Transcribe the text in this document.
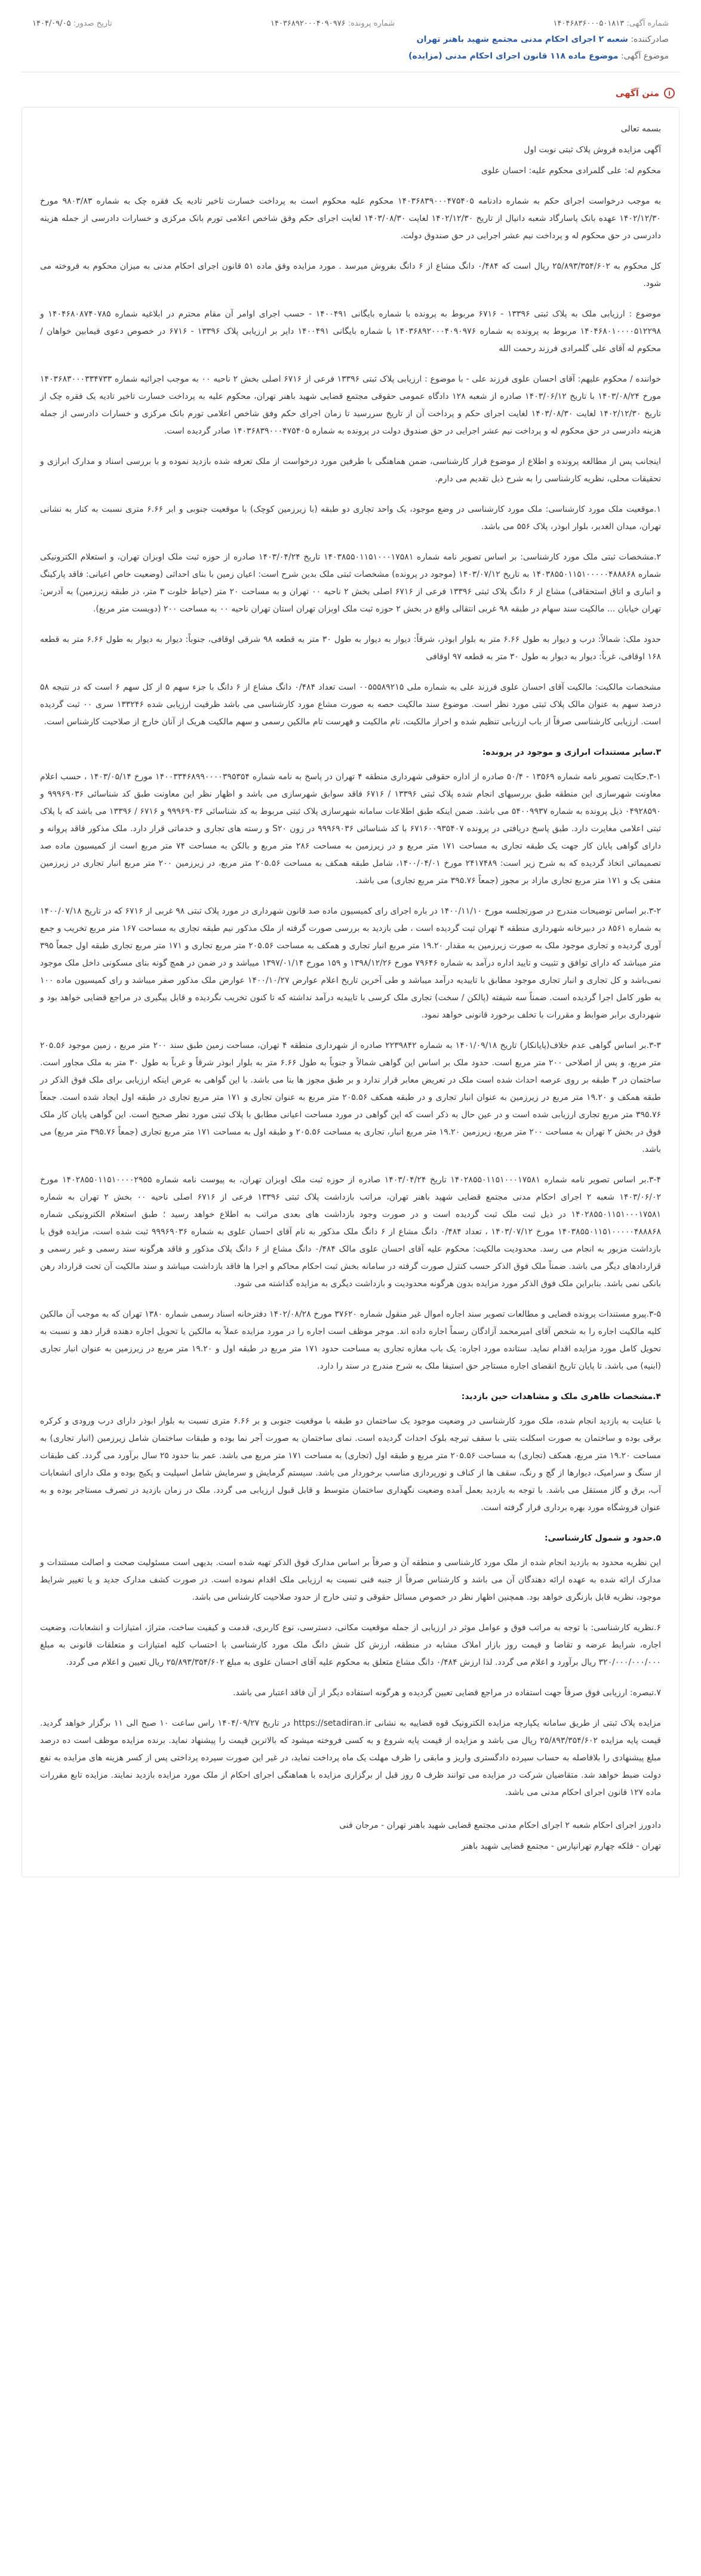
شماره آگهی: ۱۴۰۴۶۸۳۶۰۰۰۵۰۱۸۱۳
شماره پرونده: ۱۴۰۳۶۸۹۲۰۰۰۴۰۹۰۹۷۶
تاریخ صدور: ۱۴۰۴/۰۹/۰۵
صادرکننده: شعبه ۲ اجرای احکام مدنی مجتمع شهید باهنر تهران
موضوع آگهی: موضوع ماده ۱۱۸ قانون اجرای احکام مدنی (مزایده)
i
متن آگهی

بسمه تعالی

آگهی مزایده فروش پلاک ثبتی نوبت اول

محکوم له: علی گلمرادی محکوم علیه: احسان علوی

به موجب درخواست اجرای حکم به شماره دادنامه ۱۴۰۳۶۸۳۹۰۰۰۴۷۵۴۰۵ محکوم علیه محکوم است به پرداخت خسارت تاخیر تادیه یک فقره چک به شماره ۹۸۰۳/۸۳ مورخ ۱۴۰۲/۱۲/۳۰ عهده بانک پاسارگاد شعبه دانیال از تاریخ ۱۴۰۲/۱۲/۳۰ لغایت ۱۴۰۳/۰۸/۳۰ لغایت اجرای حکم وفق شاخص اعلامی تورم بانک مرکزی و خسارات دادرسی از جمله هزینه دادرسی در حق محکوم له و پرداخت نیم عشر اجرایی در حق صندوق دولت.

کل محکوم به ۲۵/۸۹۳/۳۵۴/۶۰۲ ریال است که ۰/۴۸۴ دانگ مشاع از ۶ دانگ بفروش میرسد . مورد مزایده وفق ماده ۵۱ قانون اجرای احکام مدنی به میزان محکوم به فروخته می شود.

موضوع : ارزیابی ملک به پلاک ثبتی ۱۳۳۹۶ - ۶۷۱۶ مربوط به پرونده با شماره بایگانی ۱۴۰۰۴۹۱ - حسب اجرای اوامر آن مقام محترم در ابلاغیه شماره ۱۴۰۴۶۸۰۸۷۴۰۷۸۵ و ۱۴۰۴۶۸۰۱۰۰۰۰۵۱۲۲۹۸ مربوط به پرونده به شماره ۱۴۰۳۶۸۹۲۰۰۰۴۰۹۰۹۷۶ با شماره بایگانی ۱۴۰۰۴۹۱ دایر بر ارزیابی پلاک ۱۳۳۹۶ - ۶۷۱۶ در خصوص دعوی فیمابین خواهان / محکوم له آقای علی گلمرادی فرزند رحمت الله

خواننده / محکوم علیهم: آقای احسان علوی فرزند علی - با موضوع : ارزیابی پلاک ثبتی ۱۳۳۹۶ فرعی از ۶۷۱۶ اصلی بخش ۲ ناحیه ۰۰ به موجب اجرائیه شماره ۱۴۰۳۶۸۳۰۰۰۳۳۴۷۳۳ مورخ ۱۴۰۳/۰۸/۲۴ با تاریخ ۱۴۰۳/۰۶/۱۲ صادره از شعبه ۱۲۸ دادگاه عمومی حقوقی مجتمع قضایی شهید باهنر تهران، محکوم علیه به پرداخت خسارت تاخیر تادیه یک فقره چک از تاریخ ۱۴۰۲/۱۲/۳۰ لغایت ۱۴۰۳/۰۸/۳۰ لغایت اجرای حکم و پرداخت آن از تاریخ سررسید تا زمان اجرای حکم وفق شاخص اعلامی تورم بانک مرکزی و خسارات دادرسی از جمله هزینه دادرسی در حق محکوم له و پرداخت نیم عشر اجرایی در حق صندوق دولت در پرونده به شماره ۱۴۰۳۶۸۳۹۰۰۰۴۷۵۴۰۵ صادر گردیده است.

اینجانب پس از مطالعه پرونده و اطلاع از موضوع قرار کارشناسی، ضمن هماهنگی با طرفین مورد درخواست از ملک تعرفه شده بازدید نموده و با بررسی اسناد و مدارک ابرازی و تحقیقات محلی، نظریه کارشناسی را به شرح ذیل تقدیم می دارم.

۱.موقعیت ملک مورد کارشناسی: ملک مورد کارشناسی در وضع موجود، یک واحد تجاری دو طبقه (با زیرزمین کوچک) با موقعیت جنوبی و ابر ۶.۶۶ متری نسبت به کنار به نشانی تهران، میدان الغدیر، بلوار ابوذر، پلاک ۵۵۶ می باشد.

۲.مشخصات ثبتی ملک مورد کارشناسی: بر اساس تصویر نامه شماره ۱۴۰۳۸۵۵۰۱۱۵۱۰۰۰۱۷۵۸۱ تاریخ ۱۴۰۳/۰۴/۲۴ صادره از حوزه ثبت ملک اوبزان تهران، و استعلام الکترونیکی شماره ۱۴۰۳۸۵۵۰۱۱۵۱۰۰۰۰۰۴۸۸۸۶۸ به تاریخ ۱۴۰۳/۰۷/۱۲ (موجود در پرونده) مشخصات ثبتی ملک بدین شرح است: اعیان زمین با بنای احداثی (وضعیت خاص اعیانی: فاقد پارکینگ و انباری و اتاق استحقاقی) مشاع از ۶ دانگ پلاک ثبتی ۱۳۳۹۶ فرعی از ۶۷۱۶ اصلی بخش ۲ ناحیه ۰۰ تهران و به مساحت ۲۰ متر (حیاط خلوت ۳ متر، در طبقه زیرزمین) به آدرس: تهران خیابان ... مالکیت سند سهام در طبقه ۹۸ غربی انتقالی واقع در بخش ۲ حوزه ثبت ملک اوبزان تهران استان تهران ناحیه ۰۰ به مساحت ۲۰۰ (دویست متر مربع).

حدود ملک: شمالاً: درب و دیوار به طول ۶.۶۶ متر به بلوار ابوذر، شرقاً: دیوار به دیوار به طول ۳۰ متر به قطعه ۹۸ شرقی اوقافی، جنوباً: دیوار به دیوار به طول ۶.۶۶ متر به قطعه ۱۶۸ اوقافی، غرباً: دیوار به دیوار به طول ۳۰ متر به قطعه ۹۷ اوقافی

مشخصات مالکیت: مالکیت آقای احسان علوی فرزند علی به شماره ملی ۰۰۵۵۵۸۹۲۱۵ است تعداد ۰/۴۸۴ دانگ مشاع از ۶ دانگ با جزء سهم ۵ از کل سهم ۶ است که در نتیجه ۵۸ درصد سهم به عنوان مالک پلاک ثبتی مورد نظر است. موضوع سند مالکیت حصه به صورت مشاع مورد کارشناسی می باشد ظرفیت ارزیابی شده ۱۳۳۲۴۶ سری ۰۰ ثبت گردیده است. ارزیابی کارشناسی صرفاً از باب ارزیابی تنظیم شده و احراز مالکیت، تام مالکیت و فهرست تام مالکین رسمی و سهم مالکیت هریک از آنان خارج از صلاحیت کارشناس است.

۳.سایر مستندات ابرازی و موجود در پرونده:

۳-۱.حکایت تصویر نامه شماره ۱۳۵۶۹ - ۵۰/۴ صادره از اداره حقوقی شهرداری منطقه ۴ تهران در پاسخ به نامه شماره ۱۴۰۰۳۳۴۶۸۹۹۰۰۰۰۳۹۵۳۵۴ مورخ ۱۴۰۳/۰۵/۱۴ ، حسب اعلام معاونت شهرسازی این منطقه طبق بررسیهای انجام شده پلاک ثبتی ۱۳۳۹۶ / ۶۷۱۶ فاقد سوابق شهرسازی می باشد و اظهار نظر این معاونت طبق کد شناسائی ۹۹۹۶۹۰۳۶ و ۰۴۹۲۸۵۹۰ ذیل پرونده به شماره ۵۴۰۰۹۹۳۷ می باشد. ضمن اینکه طبق اطلاعات سامانه شهرسازی پلاک ثبتی مربوط به کد شناسائی ۹۹۹۶۹۰۳۶ و ۶۷۱۶ / ۱۳۳۹۶ می باشد که با پلاک ثبتی اعلامی مغایرت دارد. طبق پاسخ دریافتی در پرونده ۶۷۱۶۰۰۹۳۵۴۰۷ با کد شناسائی ۹۹۹۶۹۰۳۶ در زون S۲۰ و رسته های تجاری و خدماتی قرار دارد. ملک مذکور فاقد پروانه و دارای گواهی پایان کار جهت یک طبقه تجاری به مساحت ۱۷۱ متر مربع و در زیرزمین به مساحت ۲۸۶ متر مربع و بالکن به مساحت ۷۴ متر مربع است از کمیسیون ماده صد تصمیماتی اتخاذ گردیده که به شرح زیر است: ۲۴۱۷۴۸۹ مورخ ۱۴۰۰/۰۴/۰۱، شامل طبقه همکف به مساحت ۲۰۵.۵۶ متر مربع، در زیرزمین ۲۰۰ متر مربع انبار تجاری در زیرزمین منفی یک و ۱۷۱ متر مربع تجاری مازاد بر مجوز (جمعاً ۳۹۵.۷۶ متر مربع تجاری) می باشد.

۳-۲.بر اساس توضیحات مندرج در صورتجلسه مورخ ۱۴۰۰/۱۱/۱۰ در باره اجرای رای کمیسیون ماده صد قانون شهرداری در مورد پلاک ثبتی ۹۸ غربی از ۶۷۱۶ که در تاریخ ۱۴۰۰/۰۷/۱۸ به شماره ۸۵۶۱ در دبیرخانه شهرداری منطقه ۴ تهران ثبت گردیده است ، طی بازدید به بررسی صورت گرفته از ملک مذکور نیم طبقه تجاری به مساحت ۱۶۷ متر مربع تخریب و جمع آوری گردیده و تجاری موجود ملک به صورت زیرزمین به مقدار ۱۹.۲۰ متر مربع انبار تجاری و همکف به مساحت ۲۰۵.۵۶ متر مربع تجاری و ۱۷۱ متر مربع تجاری طبقه اول جمعاً ۳۹۵ متر میباشد که دارای توافق و تثبیت و تایید اداره درآمد به شماره ۷۹۶۴۶ مورخ ۱۳۹۸/۱۲/۲۶ و ۱۵۹ مورخ ۱۳۹۷/۰۱/۱۴ میباشد و در ضمن در همچ گونه بنای مسکونی داخل ملک موجود نمی‌باشد و کل تجاری و انبار تجاری موجود مطابق با تاییدیه درآمد میباشد و طی آخرین تاریخ اعلام عوارض ۱۴۰۰/۱۰/۲۷ عوارض ملک مذکور صفر میباشد و رای کمیسیون ماده ۱۰۰ به طور کامل اجرا گردیده است. ضمناً سه شیفته (پالکن / سخت) تجاری ملک کرسی با تاییدیه درآمد نداشته که تا کنون تخریب نگردیده و قابل پیگیری در مراجع قضایی خواهد بود و شهرداری برابر ضوابط و مقررات با تخلف برخورد قانونی خواهد نمود.

۳-۳.بر اساس گواهی عدم خلاف(پایانکار) تاریخ ۱۴۰۱/۰۹/۱۸ به شماره ۲۲۳۹۸۴۲ صادره از شهرداری منطقه ۴ تهران، مساحت زمین طبق سند ۲۰۰ متر مربع ، زمین موجود ۲۰۵.۵۶ متر مربع، و پس از اصلاحی ۲۰۰ متر مربع است. حدود ملک بر اساس این گواهی شمالاً و جنوباً به طول ۶.۶۶ متر به بلوار ابوذر شرقاً و غرباً به طول ۳۰ متر به ملک مجاور است. ساختمان در ۳ طبقه بر روی عرصه احداث شده است ملک در تعریض معابر قرار ندارد و بر طبق مجوز ها بنا می باشد. با این گواهی به عرض اینکه ارزیابی برای ملک فوق الذکر در طبقه همکف و ۱۹.۲۰ متر مربع در زیرزمین به عنوان انبار تجاری و در طبقه همکف ۲۰۵.۵۶ متر مربع به عنوان تجاری و ۱۷۱ متر مربع تجاری در طبقه اول ایجاد شده است. جمعاً ۳۹۵.۷۶ متر مربع تجاری ارزیابی شده است و در عین حال به ذکر است که این گواهی در مورد مساحت اعیانی مطابق با پلاک ثبتی مورد نظر صحیح است. این گواهی پایان کار ملک فوق در بخش ۲ تهران به مساحت ۲۰۰ متر مربع، زیرزمین ۱۹.۲۰ متر مربع انبار، تجاری به مساحت ۲۰۵.۵۶ و طبقه اول به مساحت ۱۷۱ متر مربع تجاری (جمعاً ۳۹۵.۷۶ متر مربع) می باشد.

۳-۴.بر اساس تصویر نامه شماره ۱۴۰۲۸۵۵۰۱۱۵۱۰۰۰۱۷۵۸۱ تاریخ ۱۴۰۳/۰۴/۲۴ صادره از حوزه ثبت ملک اوبزان تهران، به پیوست نامه شماره ۱۴۰۲۸۵۵۰۱۱۵۱۰۰۰۰۲۹۵۵ مورخ ۱۴۰۳/۰۶/۰۲ شعبه ۲ اجرای احکام مدنی مجتمع قضایی شهید باهنر تهران، مراتب بازداشت پلاک ثبتی ۱۳۳۹۶ فرعی از ۶۷۱۶ اصلی ناحیه ۰۰ بخش ۲ تهران به شماره ۱۴۰۲۸۵۵۰۱۱۵۱۰۰۰۱۷۵۸۱ در ذیل ثبت ملک ثبت گردیده است و در صورت وجود بازداشت های بعدی مراتب به اطلاع خواهد رسید ؛ طبق استعلام الکترونیکی شماره ۱۴۰۳۸۵۵۰۱۱۵۱۰۰۰۰۰۴۸۸۸۶۸ مورخ ۱۴۰۳/۰۷/۱۲ ، تعداد ۰/۴۸۴ دانگ مشاع از ۶ دانگ ملک مذکور به نام آقای احسان علوی به شماره ۹۹۹۶۹۰۳۶ ثبت شده است، مزایده فوق با بازداشت مزبور به انجام می رسد. محدودیت مالکیت: محکوم علیه آقای احسان علوی مالک ۰/۴۸۴ دانگ مشاع از ۶ دانگ پلاک مذکور و فاقد هرگونه سند رسمی و غیر رسمی و قراردادهای دیگر می باشد. ضمناً ملک فوق الذکر حسب کنترل صورت گرفته در سامانه بخش ثبت احکام محاکم و اجرا ها فاقد بازداشت میباشد و سند مالکیت آن تحت قرارداد رهن بانکی نمی باشد. بنابراین ملک فوق الذکر مورد مزایده بدون هرگونه محدودیت و بازداشت دیگری به مزایده گذاشته می شود.

۳-۵.پیرو مستندات پرونده قضایی و مطالعات تصویر سند اجاره اموال غیر منقول شماره ۳۷۶۲۰ مورخ ۱۴۰۲/۰۸/۲۸ دفترخانه اسناد رسمی شماره ۱۳۸۰ تهران که به موجب آن مالکین کلیه مالکیت اجاره را به شخص آقای امیرمحمد آزادگان رسماً اجاره داده اند. موجر موظف است اجاره را در مورد مزایده عملاً به مالکین یا تحویل اجاره دهنده قرار دهد و نسبت به تحویل کامل مورد مزایده اقدام نماید. ستانده مورد اجاره: یک باب مغازه تجاری به مساحت حدود ۱۷۱ متر مربع در طبقه اول و ۱۹.۲۰ متر مربع در زیرزمین به عنوان انبار تجاری (ابنیه) می باشد. تا پایان تاریخ انقضای اجاره مستاجر حق استیفا ملک به شرح مندرج در سند را دارد.

۴.مشخصات ظاهری ملک و مشاهدات حین بازدید:

با عنایت به بازدید انجام شده، ملک مورد کارشناسی در وضعیت موجود یک ساختمان دو طبقه با موقعیت جنوبی و بر ۶.۶۶ متری نسبت به بلوار ابوذر دارای درب ورودی و کرکره برقی بوده و ساختمان به صورت اسکلت بتنی با سقف تیرچه بلوک احداث گردیده است. نمای ساختمان به صورت آجر نما بوده و طبقات ساختمان شامل زیرزمین (انبار تجاری) به مساحت ۱۹.۲۰ متر مربع، همکف (تجاری) به مساحت ۲۰۵.۵۶ متر مربع و طبقه اول (تجاری) به مساحت ۱۷۱ متر مربع می باشد. عمر بنا حدود ۲۵ سال برآورد می گردد. کف طبقات از سنگ و سرامیک، دیوارها از گچ و رنگ، سقف ها از کناف و نورپردازی مناسب برخوردار می باشد. سیستم گرمایش و سرمایش شامل اسپلیت و پکیج بوده و ملک دارای انشعابات آب، برق و گاز مستقل می باشد. با توجه به بازدید بعمل آمده وضعیت نگهداری ساختمان متوسط و قابل قبول ارزیابی می گردد. ملک در زمان بازدید در تصرف مستاجر بوده و به عنوان فروشگاه مورد بهره برداری قرار گرفته است.

۵.حدود و شمول کارشناسی:

این نظریه محدود به بازدید انجام شده از ملک مورد کارشناسی و منطقه آن و صرفاً بر اساس مدارک فوق الذکر تهیه شده است. بدیهی است مسئولیت صحت و اصالت مستندات و مدارک ارائه شده به عهده ارائه دهندگان آن می باشد و کارشناس صرفاً از جنبه فنی نسبت به ارزیابی ملک اقدام نموده است. در صورت کشف مدارک جدید و یا تغییر شرایط موجود، نظریه قابل بازنگری خواهد بود. همچنین اظهار نظر در خصوص مسائل حقوقی و ثبتی خارج از حدود صلاحیت کارشناس می باشد.

۶.نظریه کارشناسی: با توجه به مراتب فوق و عوامل موثر در ارزیابی از جمله موقعیت مکانی، دسترسی، نوع کاربری، قدمت و کیفیت ساخت، متراژ، امتیازات و انشعابات، وضعیت اجاره، شرایط عرضه و تقاضا و قیمت روز بازار املاک مشابه در منطقه، ارزش کل شش دانگ ملک مورد کارشناسی با احتساب کلیه امتیازات و متعلقات قانونی به مبلغ ۳۲۰/۰۰۰/۰۰۰/۰۰۰ ریال برآورد و اعلام می گردد. لذا ارزش ۰/۴۸۴ دانگ مشاع متعلق به محکوم علیه آقای احسان علوی به مبلغ ۲۵/۸۹۳/۳۵۴/۶۰۲ ریال تعیین و اعلام می گردد.

۷.تبصره: ارزیابی فوق صرفاً جهت استفاده در مراجع قضایی تعیین گردیده و هرگونه استفاده دیگر از آن فاقد اعتبار می باشد.

مزایده پلاک ثبتی از طریق سامانه یکپارچه مزایده الکترونیک قوه قضاییه به نشانی https://setadiran.ir در تاریخ ۱۴۰۴/۰۹/۲۷ راس ساعت ۱۰ صبح الی ۱۱ برگزار خواهد گردید. قیمت پایه مزایده ۲۵/۸۹۳/۳۵۴/۶۰۲ ریال می باشد و مزایده از قیمت پایه شروع و به کسی فروخته میشود که بالاترین قیمت را پیشنهاد نماید. برنده مزایده موظف است ده درصد مبلغ پیشنهادی را بلافاصله به حساب سپرده دادگستری واریز و مابقی را ظرف مهلت یک ماه پرداخت نماید، در غیر این صورت سپرده پرداختی پس از کسر هزینه های مزایده به نفع دولت ضبط خواهد شد. متقاضیان شرکت در مزایده می توانند ظرف ۵ روز قبل از برگزاری مزایده با هماهنگی اجرای احکام از ملک مورد مزایده بازدید نمایند. مزایده تابع مقررات ماده ۱۲۷ قانون اجرای احکام مدنی می باشد.

دادورز اجرای احکام شعبه ۲ اجرای احکام مدنی مجتمع قضایی شهید باهنر تهران - مرجان فنی

تهران - فلکه چهارم تهرانپارس - مجتمع قضایی شهید باهنر
